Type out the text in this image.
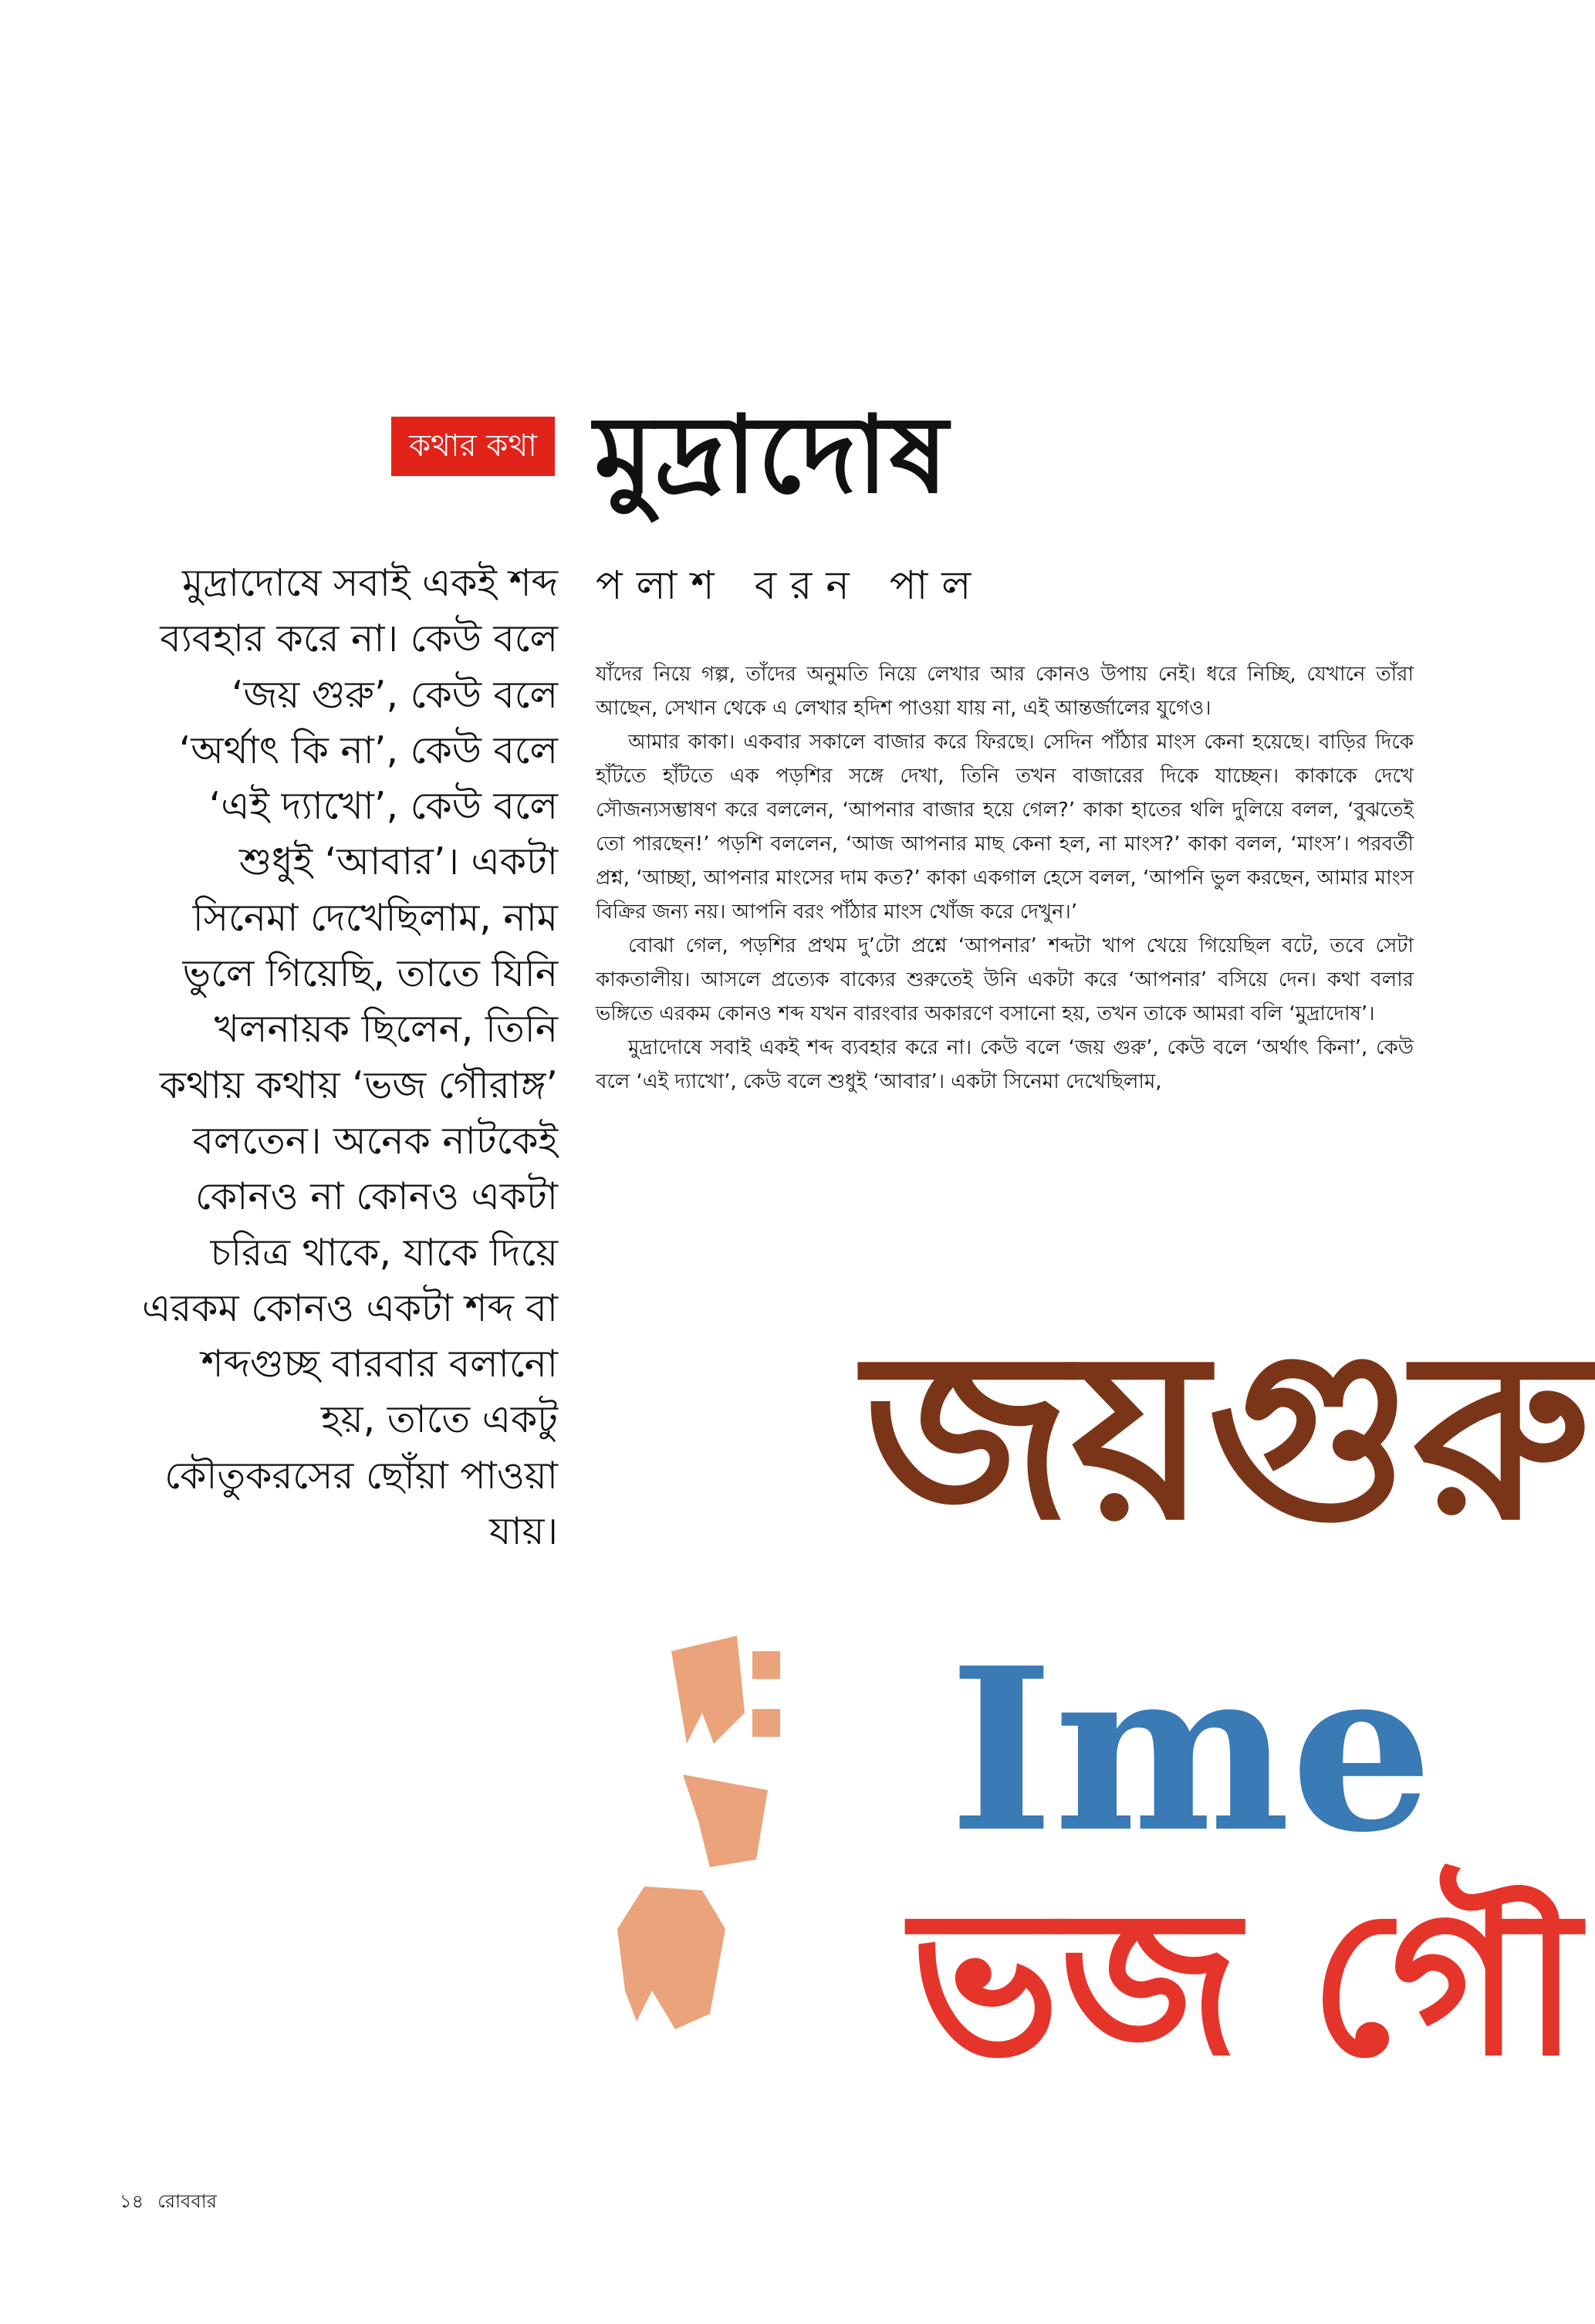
কথার কথা মুদ্রাদোষ

মুদ্রাদোষে সবাই একই শব্দ ব্যবহার করে না। কেউ বলে ‘জয় গুরু’, কেউ বলে ‘অর্থাৎ কি না’, কেউ বলে ‘এই দ্যাখো’, কেউ বলে শুধুই ‘আবার’। একটা সিনেমা দেখেছিলাম, নাম ভুলে গিয়েছি, তাতে যিনি খলনায়ক ছিলেন, তিনি কথায় কথায় ‘ভজ গৌরাঙ্গ’ বলতেন। অনেক নাটকেই কোনও না কোনও একটা চরিত্র থাকে, যাকে দিয়ে এরকম কোনও একটা শব্দ বা শব্দগুচ্ছ বারবার বলানো হয়, তাতে একটু কৌতুকরসের ছোঁয়া পাওয়া যায়।

পলাশ বরন পাল

যাঁদের নিয়ে গল্প, তাঁদের অনুমতি নিয়ে লেখার আর কোনও উপায় নেই। ধরে নিচ্ছি, যেখানে তাঁরা আছেন, সেখান থেকে এ লেখার হদিশ পাওয়া যায় না, এই আন্তর্জালের যুগেও।

আমার কাকা। একবার সকালে বাজার করে ফিরছে। সেদিন পাঁঠার মাংস কেনা হয়েছে। বাড়ির দিকে হাঁটতে হাঁটতে এক পড়শির সঙ্গে দেখা, তিনি তখন বাজারের দিকে যাচ্ছেন। কাকাকে দেখে সৌজন্যসম্ভাষণ করে বললেন, ‘আপনার বাজার হয়ে গেল?’ কাকা হাতের থলি দুলিয়ে বলল, ‘বুঝতেই তো পারছেন!’ পড়শি বললেন, ‘আজ আপনার মাছ কেনা হল, না মাংস?’ কাকা বলল, ‘মাংস’। পরবর্তী প্রশ্ন, ‘আচ্ছা, আপনার মাংসের দাম কত?’ কাকা একগাল হেসে বলল, ‘আপনি ভুল করছেন, আমার মাংস বিক্রির জন্য নয়। আপনি বরং পাঁঠার মাংস খোঁজ করে দেখুন।’

বোঝা গেল, পড়শির প্রথম দু’টো প্রশ্নে ‘আপনার’ শব্দটা খাপ খেয়ে গিয়েছিল বটে, তবে সেটা কাকতালীয়। আসলে প্রত্যেক বাক্যের শুরুতেই উনি একটা করে ‘আপনার’ বসিয়ে দেন। কথা বলার ভঙ্গিতে এরকম কোনও শব্দ যখন বারংবার অকারণে বসানো হয়, তখন তাকে আমরা বলি ‘মুদ্রাদোষ’।

মুদ্রাদোষে সবাই একই শব্দ ব্যবহার করে না। কেউ বলে ‘জয় গুরু’, কেউ বলে ‘অর্থাৎ কিনা’, কেউ বলে ‘এই দ্যাখো’, কেউ বলে শুধুই ‘আবার’। একটা সিনেমা দেখেছিলাম,

জয়গুরু
Ime
ভজ গৌ
১৪ রোববার
